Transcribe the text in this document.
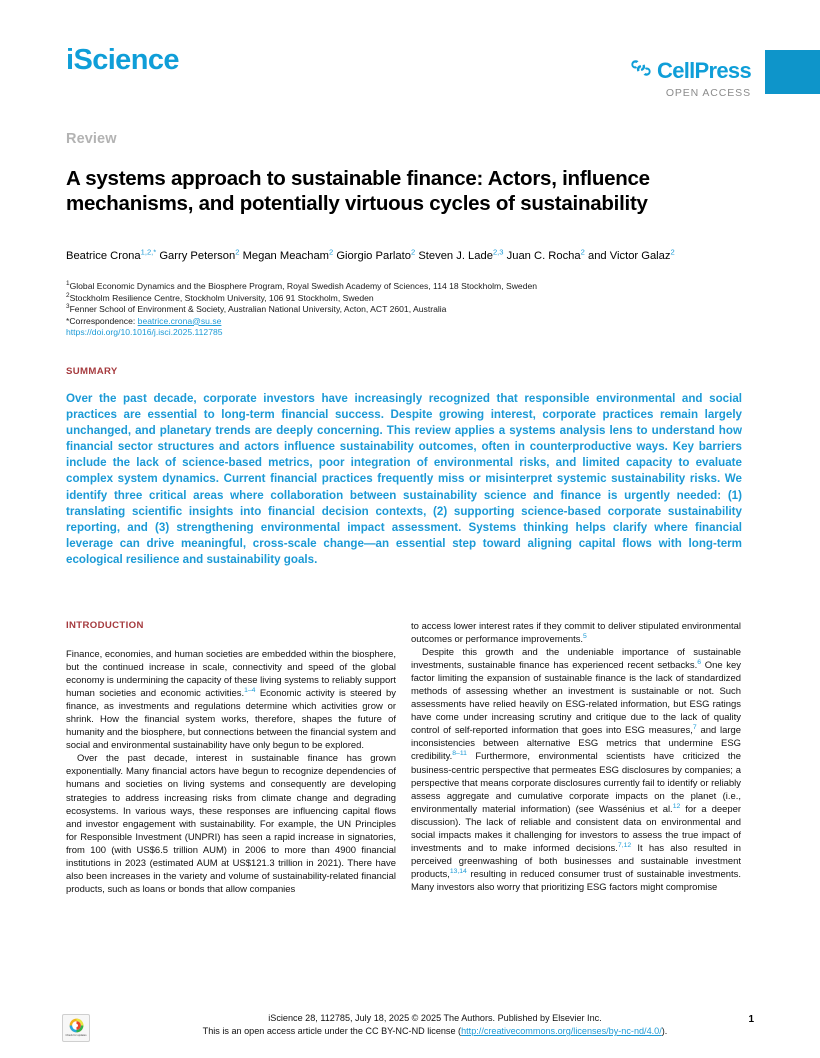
iScience	CellPress
OPEN ACCESS
Review
A systems approach to sustainable finance: Actors, influence mechanisms, and potentially virtuous cycles of sustainability
Beatrice Crona$^{1,2,*}$ Garry Peterson$^2$ Megan Meacham$^2$ Giorgio Parlato$^2$ Steven J. Lade$^{2,3}$ Juan C. Rocha$^2$ and Victor Galaz$^2$
$^1$Global Economic Dynamics and the Biosphere Program, Royal Swedish Academy of Sciences, 114 18 Stockholm, Sweden
$^2$Stockholm Resilience Centre, Stockholm University, 106 91 Stockholm, Sweden
$^3$Fenner School of Environment & Society, Australian National University, Acton, ACT 2601, Australia
*Correspondence: beatrice.crona@su.se
https://doi.org/10.1016/j.isci.2025.112785
SUMMARY
Over the past decade, corporate investors have increasingly recognized that responsible environmental and social practices are essential to long-term financial success. Despite growing interest, corporate practices remain largely unchanged, and planetary trends are deeply concerning. This review applies a systems analysis lens to understand how financial sector structures and actors influence sustainability outcomes, often in counterproductive ways. Key barriers include the lack of science-based metrics, poor integration of environmental risks, and limited capacity to evaluate complex system dynamics. Current financial practices frequently miss or misinterpret systemic sustainability risks. We identify three critical areas where collaboration between sustainability science and finance is urgently needed: (1) translating scientific insights into financial decision contexts, (2) supporting science-based corporate sustainability reporting, and (3) strengthening environmental impact assessment. Systems thinking helps clarify where financial leverage can drive meaningful, cross-scale change—an essential step toward aligning capital flows with long-term ecological resilience and sustainability goals.
INTRODUCTION

Finance, economies, and human societies are embedded within the biosphere, but the continued increase in scale, connectivity and speed of the global economy is undermining the capacity of these living systems to reliably support human societies and economic activities.$^{1-4}$ Economic activity is steered by finance, as investments and regulations determine which activities grow or shrink. How the financial system works, therefore, shapes the future of humanity and the biosphere, but connections between the financial system and social and environmental sustainability have only begun to be explored.

Over the past decade, interest in sustainable finance has grown exponentially. Many financial actors have begun to recognize dependencies of humans and societies on living systems and consequently are developing strategies to address increasing risks from climate change and degrading ecosystems. In various ways, these responses are influencing capital flows and investor engagement with sustainability. For example, the UN Principles for Responsible Investment (UNPRI) has seen a rapid increase in signatories, from 100 (with US$6.5 trillion AUM) in 2006 to more than 4900 financial institutions in 2023 (estimated AUM at US$121.3 trillion in 2021). There have also been increases in the variety and volume of sustainability-related financial products, such as loans or bonds that allow companies

to access lower interest rates if they commit to deliver stipulated environmental outcomes or performance improvements.$^5$

Despite this growth and the undeniable importance of sustainable investments, sustainable finance has experienced recent setbacks.$^6$ One key factor limiting the expansion of sustainable finance is the lack of standardized methods of assessing whether an investment is sustainable or not. Such assessments have relied heavily on ESG-related information, but ESG ratings have come under increasing scrutiny and critique due to the lack of quality control of self-reported information that goes into ESG measures,$^7$ and large inconsistencies between alternative ESG metrics that undermine ESG credibility.$^{8-11}$ Furthermore, environmental scientists have criticized the business-centric perspective that permeates ESG disclosures by companies; a perspective that means corporate disclosures currently fail to identify or reliably assess aggregate and cumulative corporate impacts on the planet (i.e., environmentally material information) (see Wassénius et al.$^{12}$ for a deeper discussion). The lack of reliable and consistent data on environmental and social impacts makes it challenging for investors to assess the true impact of investments and to make informed decisions.$^{7,12}$ It has also resulted in perceived greenwashing of both businesses and sustainable investment products,$^{13,14}$ resulting in reduced consumer trust of sustainable investments. Many investors also worry that prioritizing ESG factors might compromise

Check for updates
iScience 28, 112785, July 18, 2025 © 2025 The Authors. Published by Elsevier Inc.
This is an open access article under the CC BY-NC-ND license (http://creativecommons.org/licenses/by-nc-nd/4.0/).
1
